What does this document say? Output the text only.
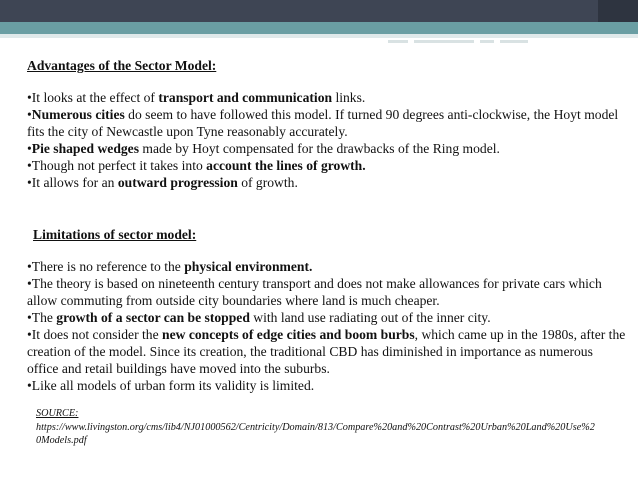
Advantages of the Sector Model:

•It looks at the effect of transport and communication links.

•Numerous cities do seem to have followed this model. If turned 90 degrees anti-clockwise, the Hoyt model fits the city of Newcastle upon Tyne reasonably accurately.

•Pie shaped wedges made by Hoyt compensated for the drawbacks of the Ring model.

•Though not perfect it takes into account the lines of growth.

•It allows for an outward progression of growth.

Limitations of sector model:

•There is no reference to the physical environment.

•The theory is based on nineteenth century transport and does not make allowances for private cars which allow commuting from outside city boundaries where land is much cheaper.

•The growth of a sector can be stopped with land use radiating out of the inner city.

•It does not consider the new concepts of edge cities and boom burbs, which came up in the 1980s, after the creation of the model. Since its creation, the traditional CBD has diminished in importance as numerous office and retail buildings have moved into the suburbs.

•Like all models of urban form its validity is limited.

SOURCE:
https://www.livingston.org/cms/lib4/NJ01000562/Centricity/Domain/813/Compare%20and%20Contrast%20Urban%20Land%20Use%20Models.pdf
